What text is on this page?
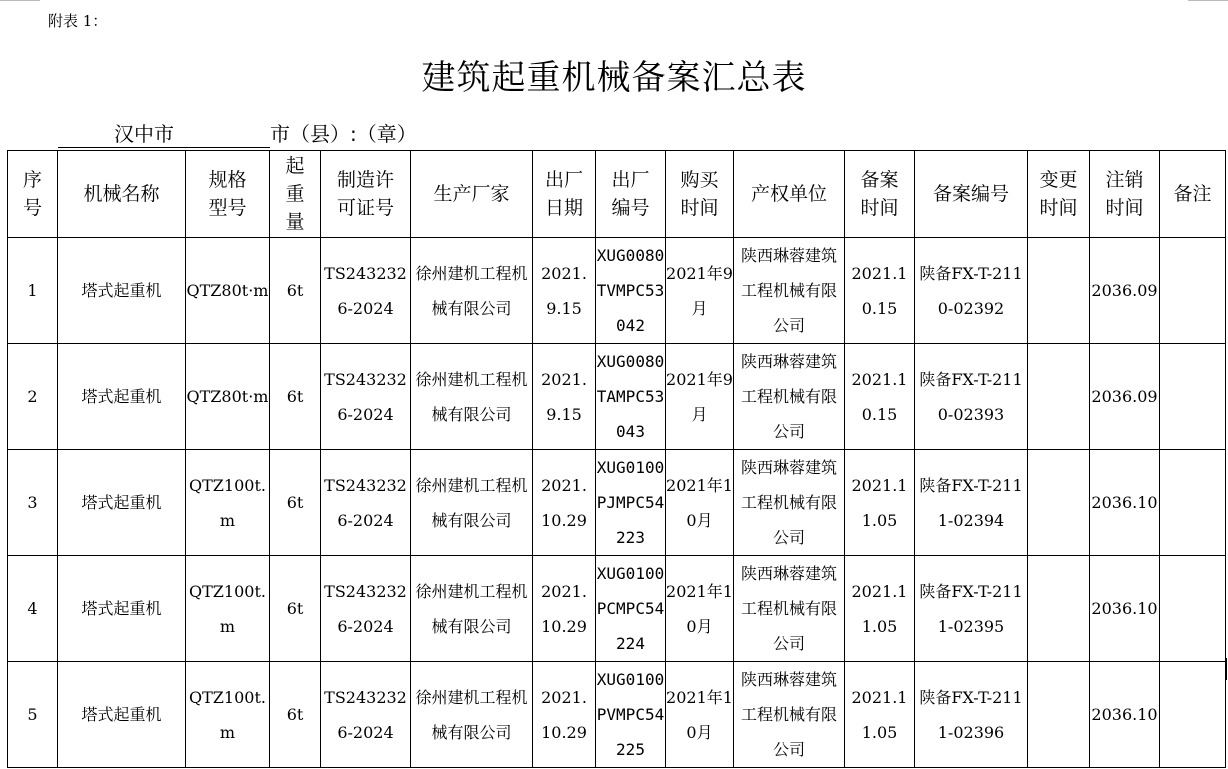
附表 1：
建筑起重机械备案汇总表
汉中市	市（县）:（章）
序号	机械名称	规格型号	起重量	制造许可证号	生产厂家	出厂日期	出厂编号	购买时间	产权单位	备案时间	备案编号	变更时间	注销时间	备注
1	塔式起重机	QTZ80t·m	6t	TS2432326-2024	徐州建机工程机械有限公司	2021.9.15	XUG0080TVMPC53042	2021年9月	陕西琳蓉建筑工程机械有限公司	2021.10.15	陕备FX-T-2110-02392		2036.09	
2	塔式起重机	QTZ80t·m	6t	TS2432326-2024	徐州建机工程机械有限公司	2021.9.15	XUG0080TAMPC53043	2021年9月	陕西琳蓉建筑工程机械有限公司	2021.10.15	陕备FX-T-2110-02393		2036.09	
3	塔式起重机	QTZ100t.m	6t	TS2432326-2024	徐州建机工程机械有限公司	2021.10.29	XUG0100PJMPC54223	2021年10月	陕西琳蓉建筑工程机械有限公司	2021.11.05	陕备FX-T-2111-02394		2036.10	
4	塔式起重机	QTZ100t.m	6t	TS2432326-2024	徐州建机工程机械有限公司	2021.10.29	XUG0100PCMPC54224	2021年10月	陕西琳蓉建筑工程机械有限公司	2021.11.05	陕备FX-T-2111-02395		2036.10	
5	塔式起重机	QTZ100t.m	6t	TS2432326-2024	徐州建机工程机械有限公司	2021.10.29	XUG0100PVMPC54225	2021年10月	陕西琳蓉建筑工程机械有限公司	2021.11.05	陕备FX-T-2111-02396		2036.10	
